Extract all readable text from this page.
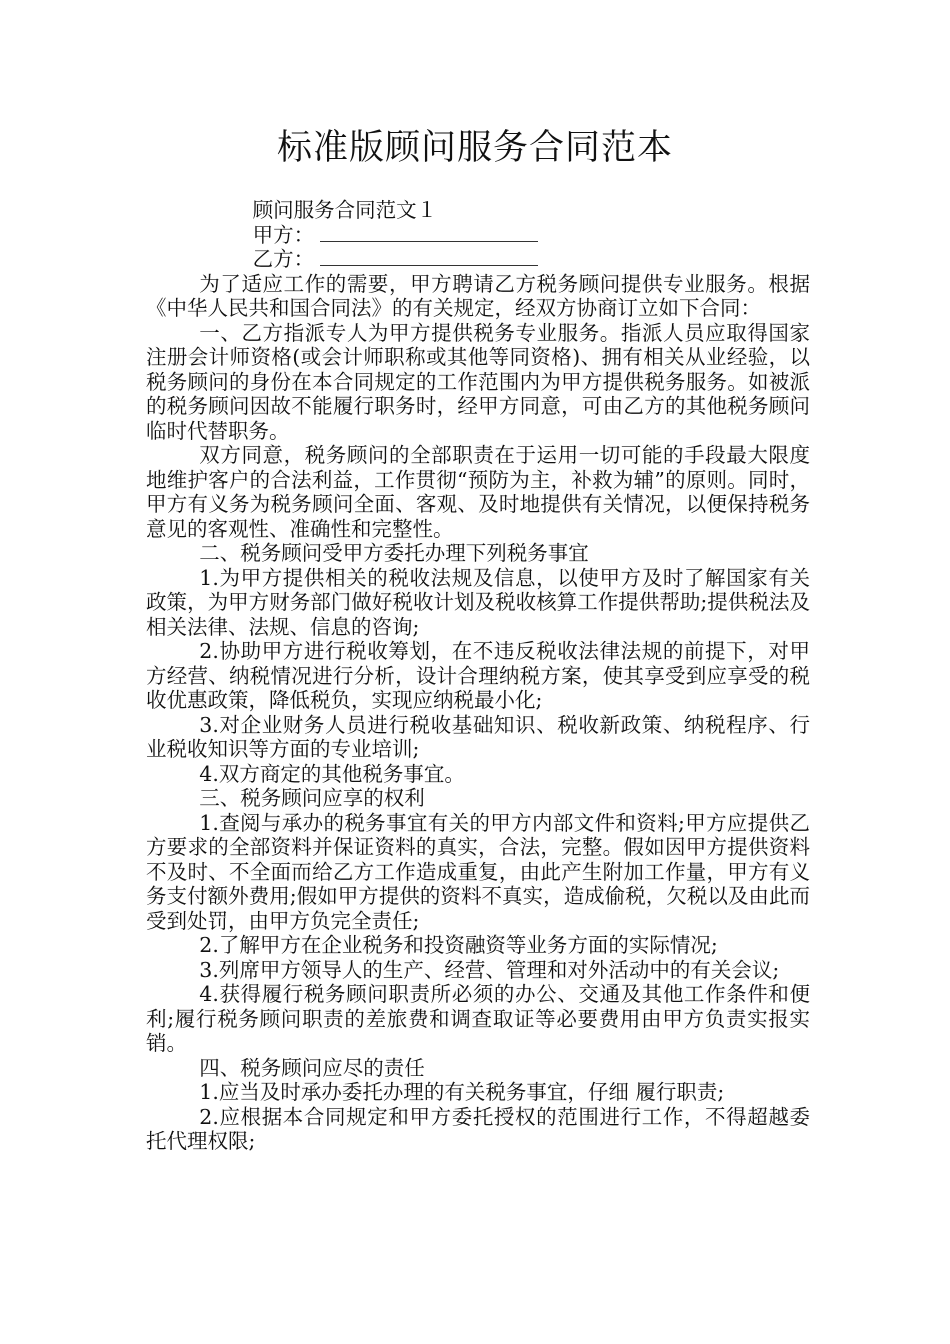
标准版顾问服务合同范本

顾问服务合同范文１

甲方：

乙方：

为了适应工作的需要，甲方聘请乙方税务顾问提供专业服务。根据《中华人民共和国合同法》的有关规定，经双方协商订立如下合同：

一、乙方指派专人为甲方提供税务专业服务。指派人员应取得国家注册会计师资格(或会计师职称或其他等同资格)、拥有相关从业经验，以税务顾问的身份在本合同规定的工作范围内为甲方提供税务服务。如被派的税务顾问因故不能履行职务时，经甲方同意，可由乙方的其他税务顾问临时代替职务。

双方同意，税务顾问的全部职责在于运用一切可能的手段最大限度地维护客户的合法利益，工作贯彻“预防为主，补救为辅”的原则。同时，甲方有义务为税务顾问全面、客观、及时地提供有关情况，以便保持税务意见的客观性、准确性和完整性。

二、税务顾问受甲方委托办理下列税务事宜

1.为甲方提供相关的税收法规及信息，以使甲方及时了解国家有关政策，为甲方财务部门做好税收计划及税收核算工作提供帮助;提供税法及相关法律、法规、信息的咨询;

2.协助甲方进行税收筹划，在不违反税收法律法规的前提下，对甲方经营、纳税情况进行分析，设计合理纳税方案，使其享受到应享受的税收优惠政策，降低税负，实现应纳税最小化;

3.对企业财务人员进行税收基础知识、税收新政策、纳税程序、行业税收知识等方面的专业培训;

4.双方商定的其他税务事宜。

三、税务顾问应享的权利

1.查阅与承办的税务事宜有关的甲方内部文件和资料;甲方应提供乙方要求的全部资料并保证资料的真实，合法，完整。假如因甲方提供资料不及时、不全面而给乙方工作造成重复，由此产生附加工作量，甲方有义务支付额外费用;假如甲方提供的资料不真实，造成偷税，欠税以及由此而受到处罚，由甲方负完全责任;

2.了解甲方在企业税务和投资融资等业务方面的实际情况;

3.列席甲方领导人的生产、经营、管理和对外活动中的有关会议;

4.获得履行税务顾问职责所必须的办公、交通及其他工作条件和便利;履行税务顾问职责的差旅费和调查取证等必要费用由甲方负责实报实销。

四、税务顾问应尽的责任

1.应当及时承办委托办理的有关税务事宜，仔细 履行职责;

2.应根据本合同规定和甲方委托授权的范围进行工作，不得超越委托代理权限;
